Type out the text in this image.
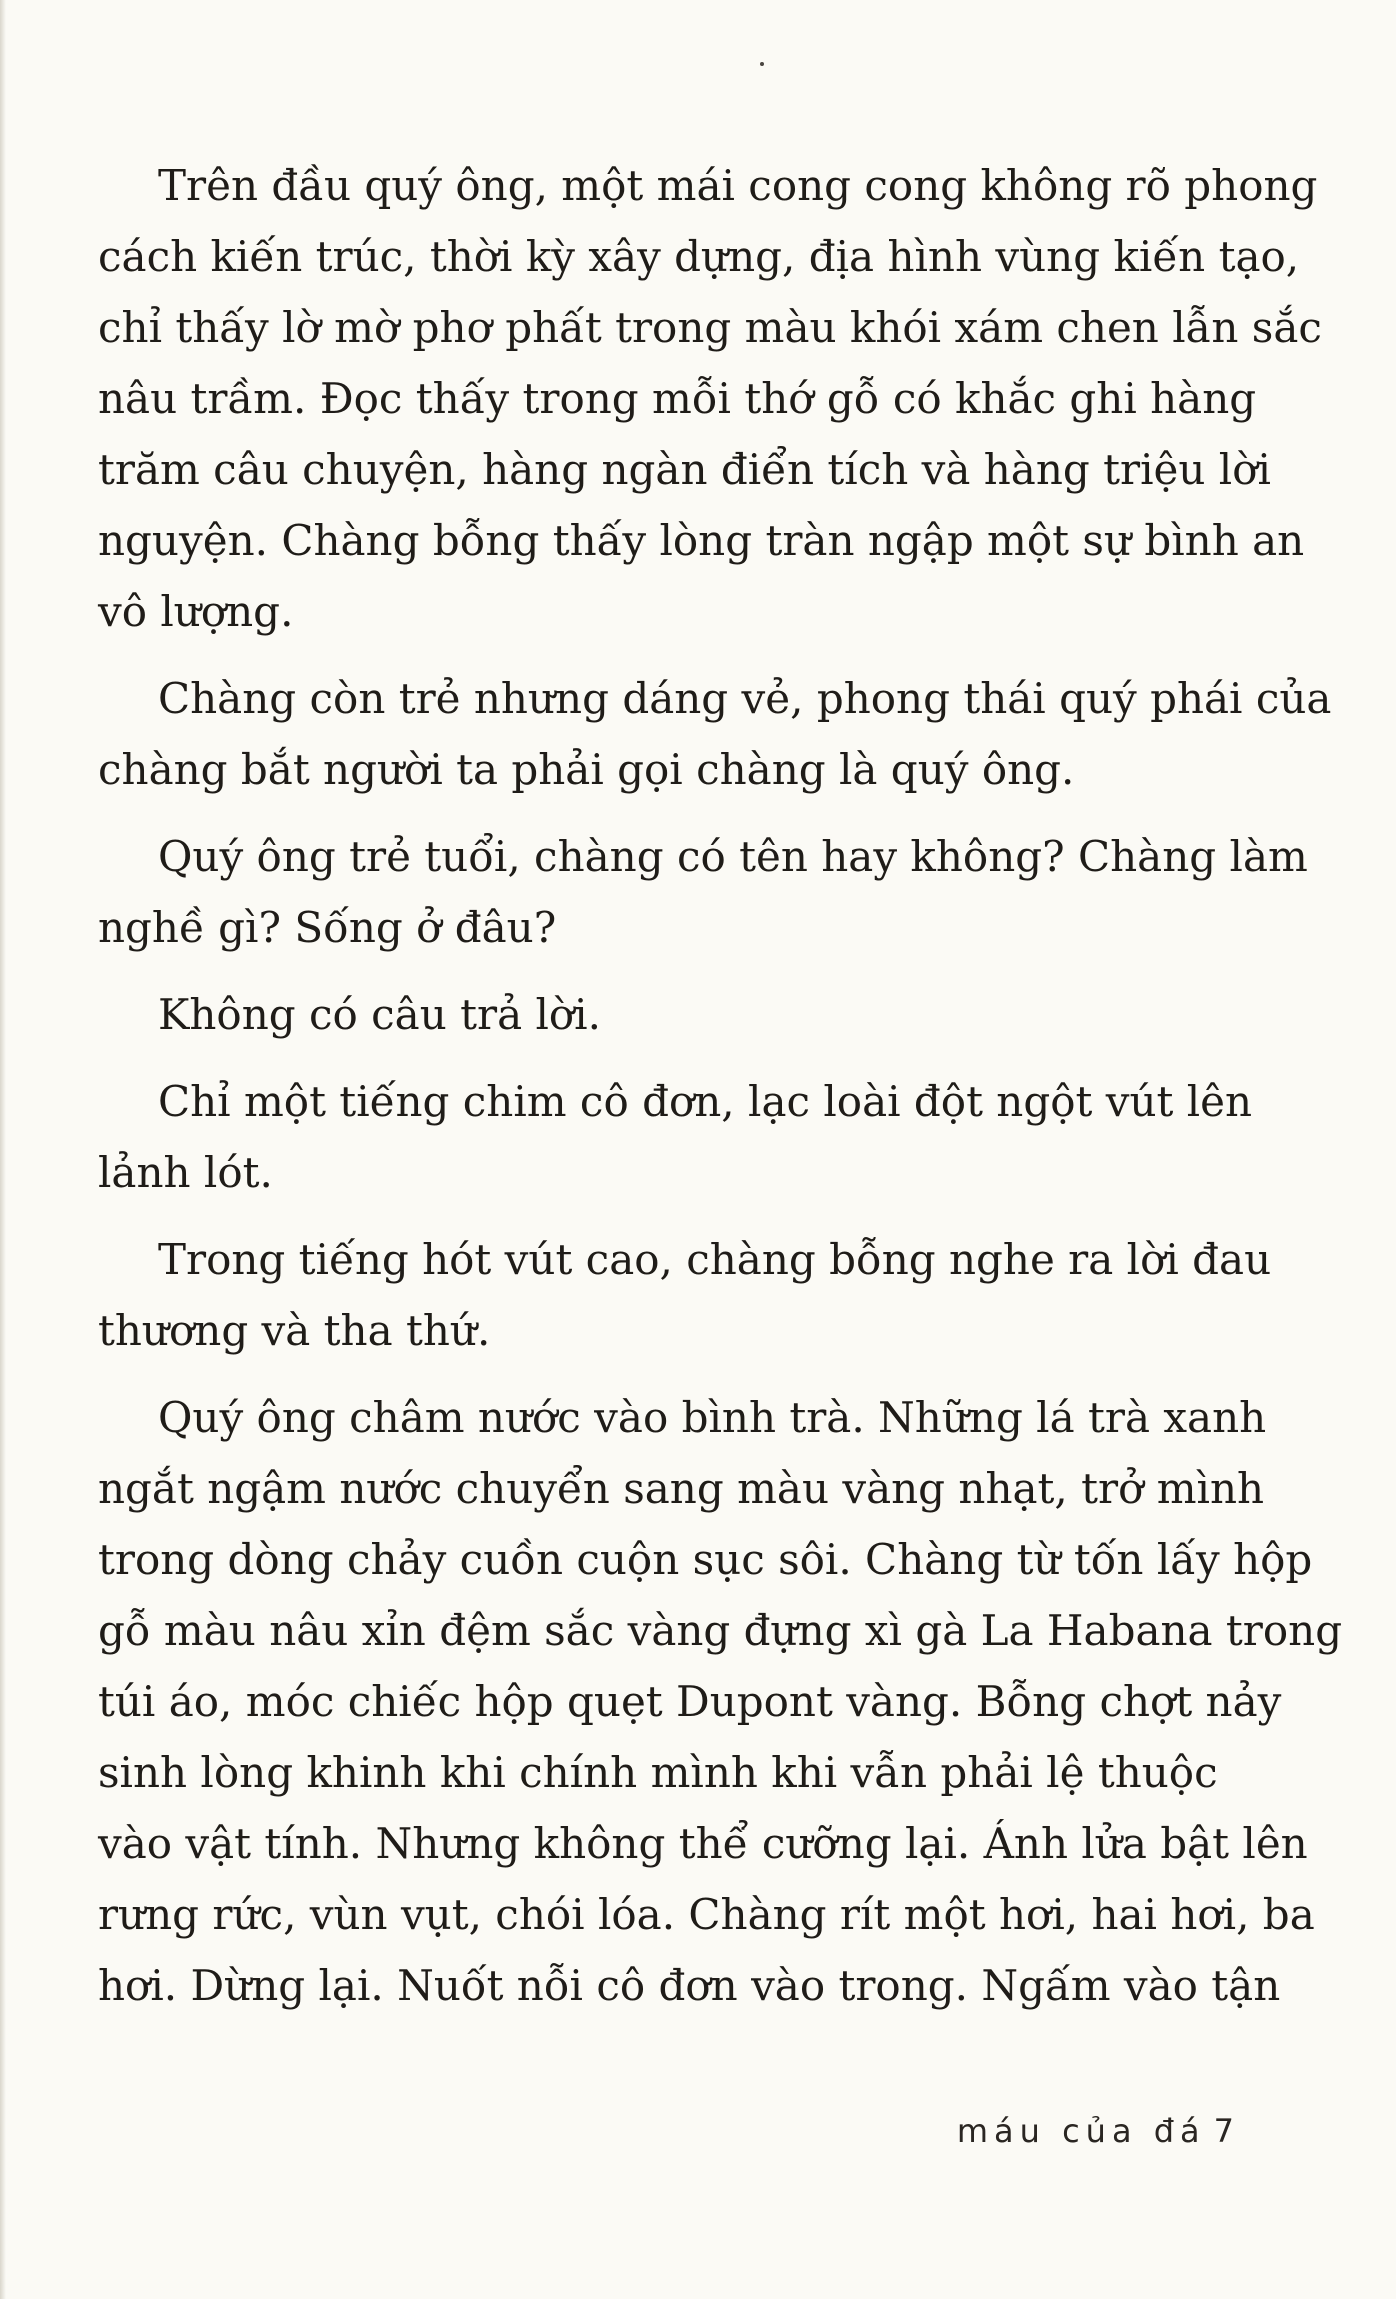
Trên đầu quý ông, một mái cong cong không rõ phong
cách kiến trúc, thời kỳ xây dựng, địa hình vùng kiến tạo,
chỉ thấy lờ mờ phơ phất trong màu khói xám chen lẫn sắc
nâu trầm. Đọc thấy trong mỗi thớ gỗ có khắc ghi hàng
trăm câu chuyện, hàng ngàn điển tích và hàng triệu lời
nguyện. Chàng bỗng thấy lòng tràn ngập một sự bình an
vô lượng.

Chàng còn trẻ nhưng dáng vẻ, phong thái quý phái của
chàng bắt người ta phải gọi chàng là quý ông.

Quý ông trẻ tuổi, chàng có tên hay không? Chàng làm
nghề gì? Sống ở đâu?

Không có câu trả lời.

Chỉ một tiếng chim cô đơn, lạc loài đột ngột vút lên
lảnh lót.

Trong tiếng hót vút cao, chàng bỗng nghe ra lời đau
thương và tha thứ.

Quý ông châm nước vào bình trà. Những lá trà xanh
ngắt ngậm nước chuyển sang màu vàng nhạt, trở mình
trong dòng chảy cuồn cuộn sục sôi. Chàng từ tốn lấy hộp
gỗ màu nâu xỉn đệm sắc vàng đựng xì gà La Habana trong
túi áo, móc chiếc hộp quẹt Dupont vàng. Bỗng chợt nảy
sinh lòng khinh khi chính mình khi vẫn phải lệ thuộc
vào vật tính. Nhưng không thể cưỡng lại. Ánh lửa bật lên
rưng rức, vùn vụt, chói lóa. Chàng rít một hơi, hai hơi, ba
hơi. Dừng lại. Nuốt nỗi cô đơn vào trong. Ngấm vào tận

máu của đá 7
